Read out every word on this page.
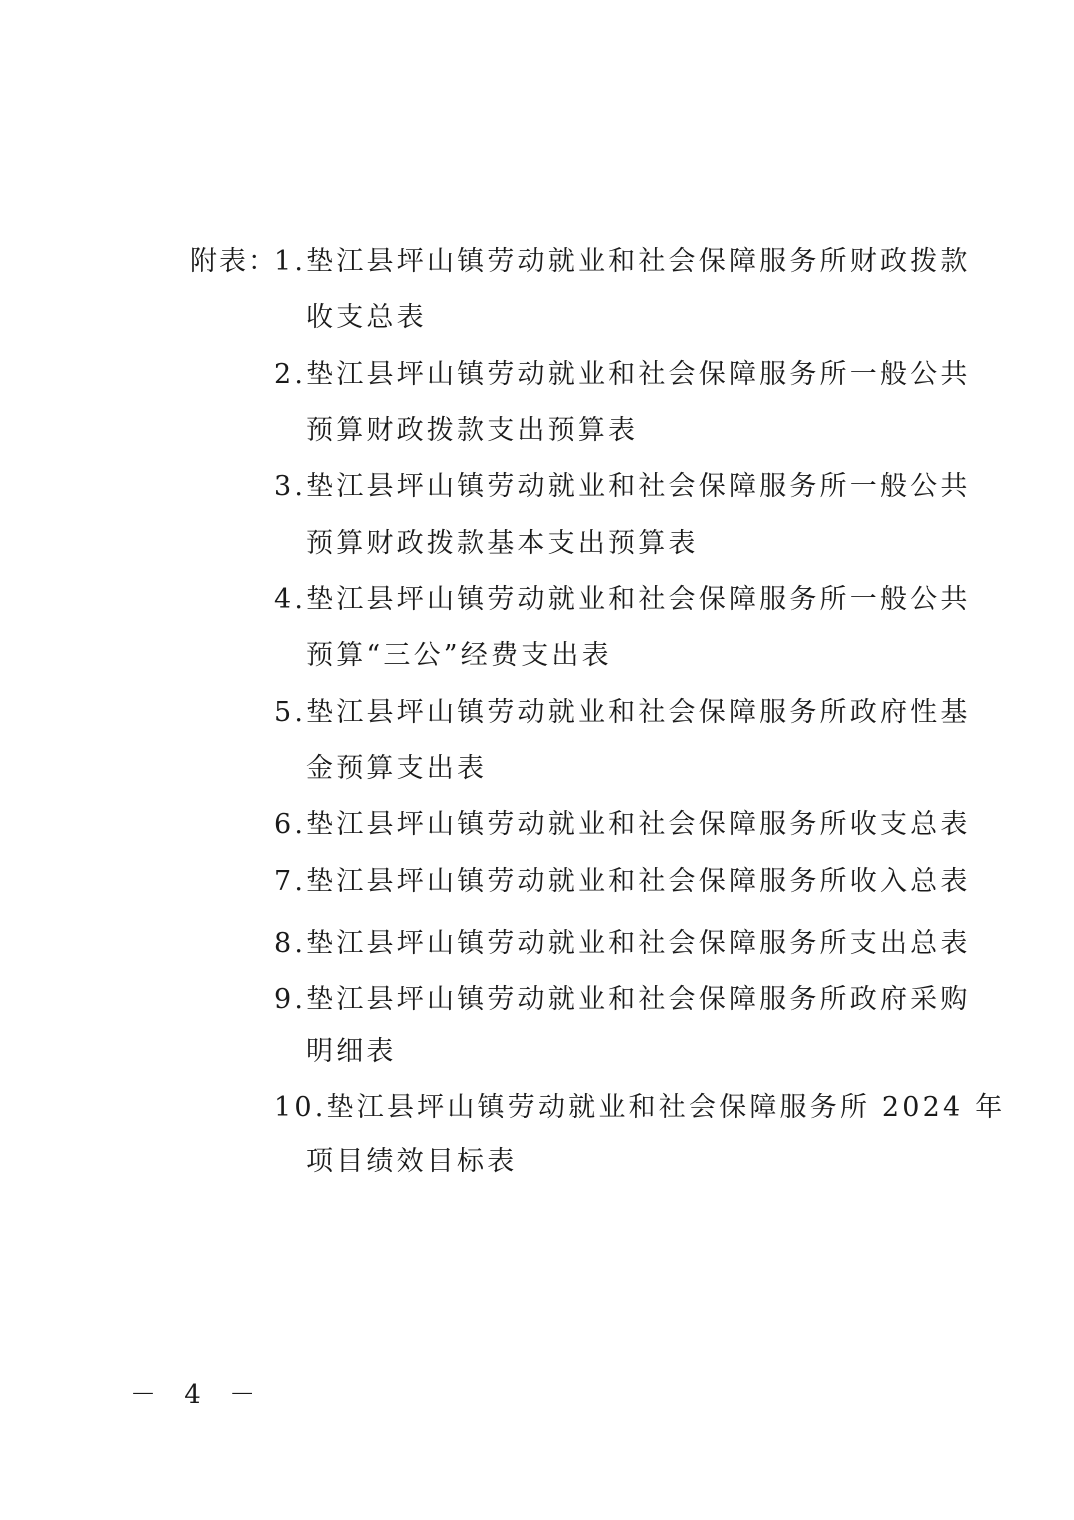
附表：
1.垫江县坪山镇劳动就业和社会保障服务所财政拨款
收支总表
2.垫江县坪山镇劳动就业和社会保障服务所一般公共
预算财政拨款支出预算表
3.垫江县坪山镇劳动就业和社会保障服务所一般公共
预算财政拨款基本支出预算表
4.垫江县坪山镇劳动就业和社会保障服务所一般公共
预算“三公”经费支出表
5.垫江县坪山镇劳动就业和社会保障服务所政府性基
金预算支出表
6.垫江县坪山镇劳动就业和社会保障服务所收支总表
7.垫江县坪山镇劳动就业和社会保障服务所收入总表
8.垫江县坪山镇劳动就业和社会保障服务所支出总表
9.垫江县坪山镇劳动就业和社会保障服务所政府采购
明细表
10.垫江县坪山镇劳动就业和社会保障服务所 2024 年
项目绩效目标表
－ 4 －
